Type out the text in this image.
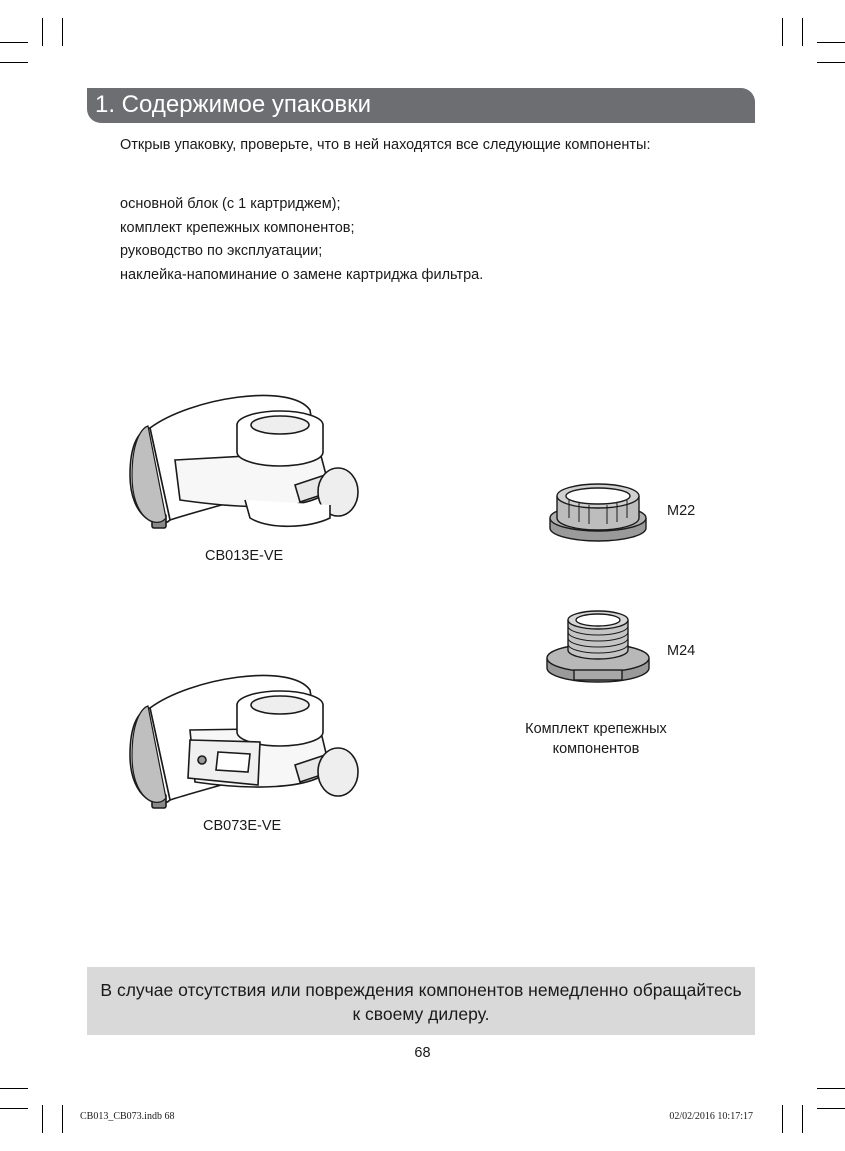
1. Содержимое упаковки
Открыв упаковку, проверьте, что в ней находятся все следующие компоненты:
основной блок (с 1 картриджем);
комплект крепежных компонентов;
руководство по эксплуатации;
наклейка-напоминание о замене картриджа фильтра.
CB013E-VE
CB073E-VE
M22
M24
Комплект крепежных
компонентов
В случае отсутствия или повреждения компонентов немедленно обращайтесь к своему дилеру.
68
CB013_CB073.indb 68	02/02/2016 10:17:17
